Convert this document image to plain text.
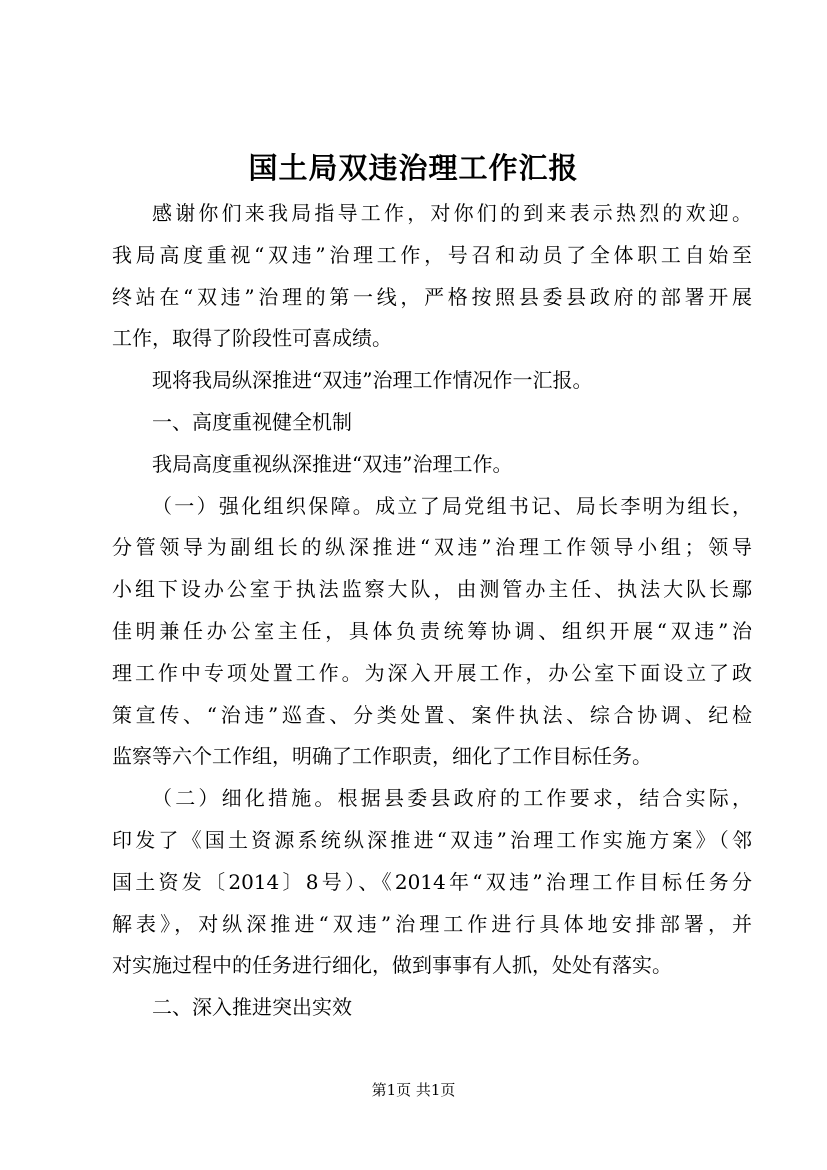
国土局双违治理工作汇报
感谢你们来我局指导工作，对你们的到来表示热烈的欢迎。
我局高度重视“双违”治理工作，号召和动员了全体职工自始至
终站在“双违”治理的第一线，严格按照县委县政府的部署开展
工作，取得了阶段性可喜成绩。
现将我局纵深推进“双违”治理工作情况作一汇报。
一、高度重视健全机制
我局高度重视纵深推进“双违”治理工作。
（一）强化组织保障。成立了局党组书记、局长李明为组长，
分管领导为副组长的纵深推进“双违”治理工作领导小组；领导
小组下设办公室于执法监察大队，由测管办主任、执法大队长鄢
佳明兼任办公室主任，具体负责统筹协调、组织开展“双违”治
理工作中专项处置工作。为深入开展工作，办公室下面设立了政
策宣传、“治违”巡查、分类处置、案件执法、综合协调、纪检
监察等六个工作组，明确了工作职责，细化了工作目标任务。
（二）细化措施。根据县委县政府的工作要求，结合实际，
印发了《国土资源系统纵深推进“双违”治理工作实施方案》（邻
国土资发〔2014〕8号）、《2014年“双违”治理工作目标任务分
解表》，对纵深推进“双违”治理工作进行具体地安排部署，并
对实施过程中的任务进行细化，做到事事有人抓，处处有落实。
二、深入推进突出实效
第1页 共1页
